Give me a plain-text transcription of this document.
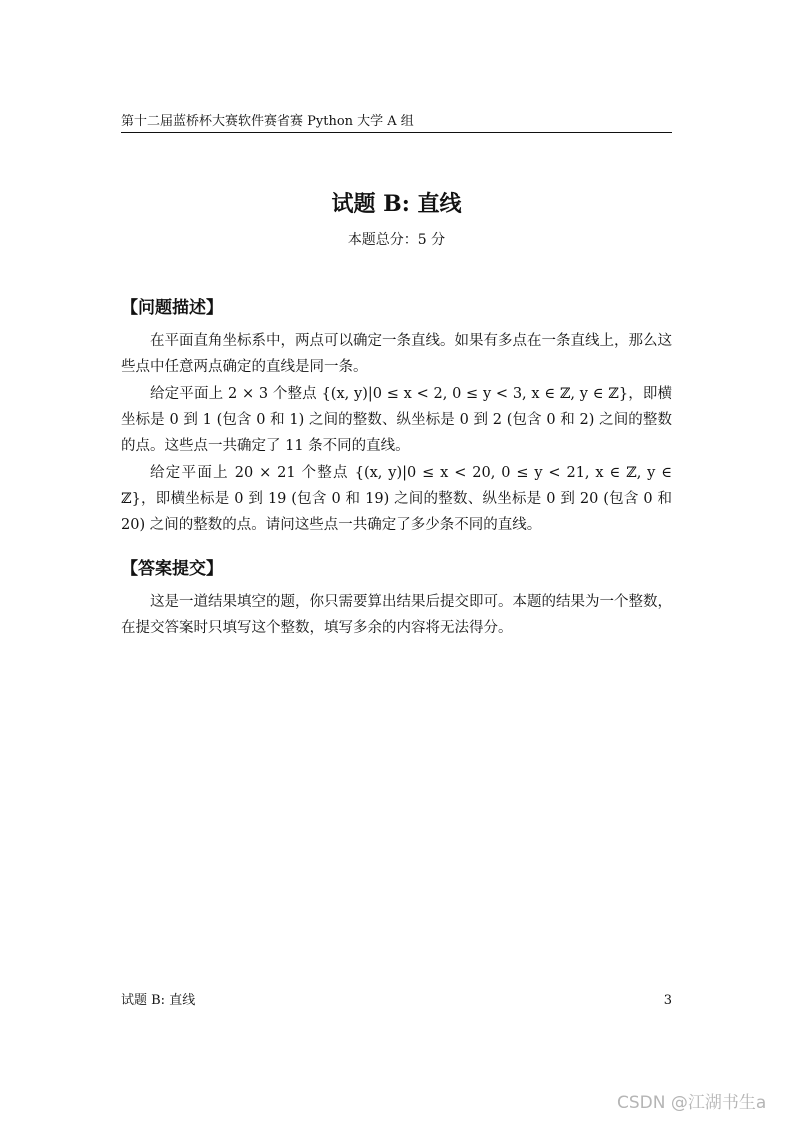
第十二届蓝桥杯大赛软件赛省赛 Python 大学 A 组
试题 B: 直线
本题总分：5 分
【问题描述】

在平面直角坐标系中，两点可以确定一条直线。如果有多点在一条直线上，那么这些点中任意两点确定的直线是同一条。

给定平面上 2 × 3 个整点 {(x, y)|0 ≤ x < 2, 0 ≤ y < 3, x ∈ ℤ, y ∈ ℤ}，即横坐标是 0 到 1 (包含 0 和 1) 之间的整数、纵坐标是 0 到 2 (包含 0 和 2) 之间的整数的点。这些点一共确定了 11 条不同的直线。

给定平面上 20 × 21 个整点 {(x, y)|0 ≤ x < 20, 0 ≤ y < 21, x ∈ ℤ, y ∈ ℤ}，即横坐标是 0 到 19 (包含 0 和 19) 之间的整数、纵坐标是 0 到 20 (包含 0 和 20) 之间的整数的点。请问这些点一共确定了多少条不同的直线。

【答案提交】

这是一道结果填空的题，你只需要算出结果后提交即可。本题的结果为一个整数，在提交答案时只填写这个整数，填写多余的内容将无法得分。

试题 B: 直线	3
CSDN @江湖书生a
